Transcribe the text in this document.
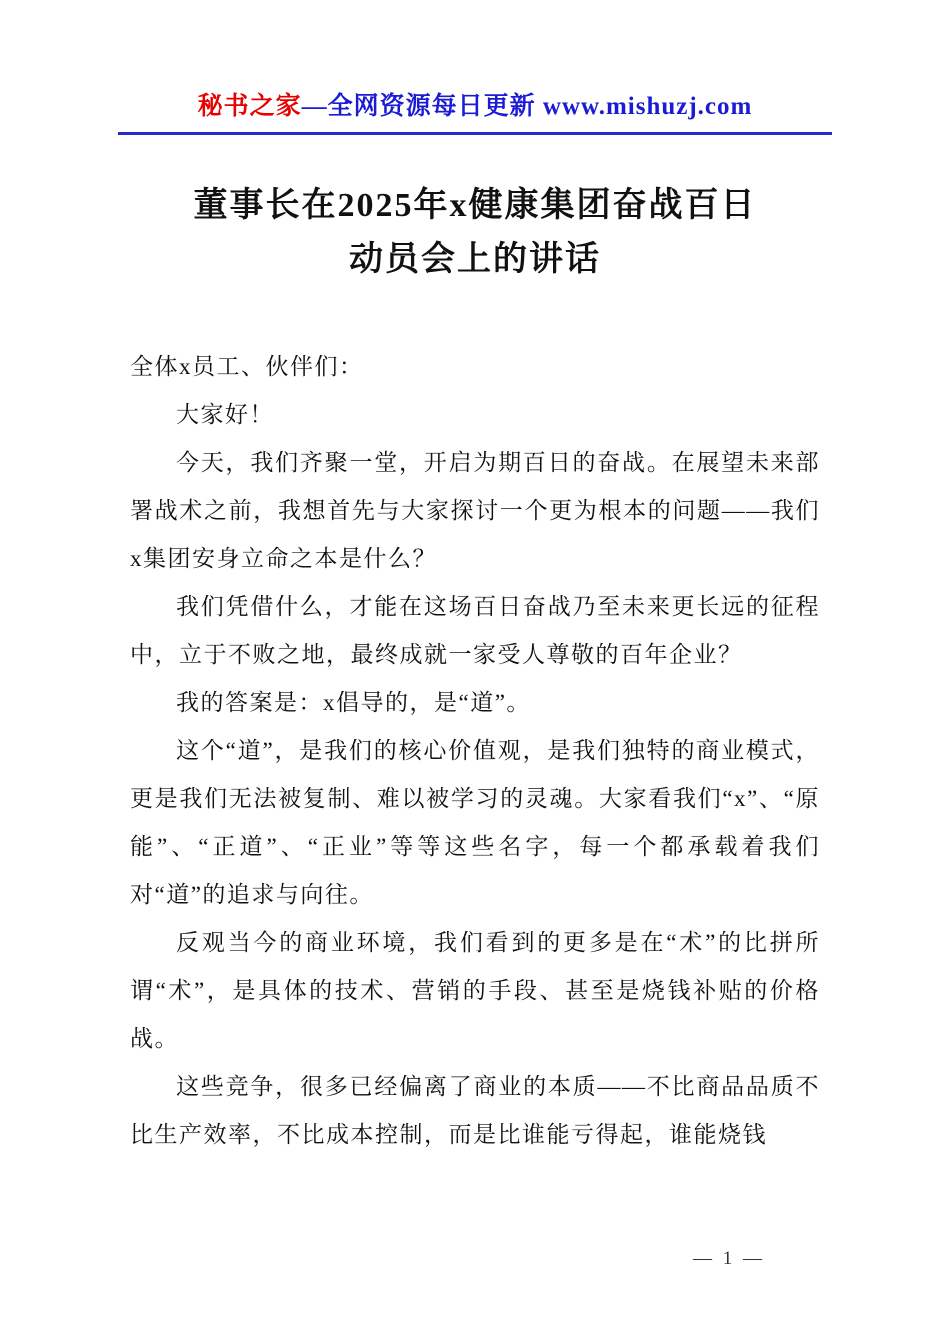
秘书之家—全网资源每日更新 www.mishuzj.com
董事长在2025年x健康集团奋战百日
动员会上的讲话

全体x员工、伙伴们：

大家好！

今天，我们齐聚一堂，开启为期百日的奋战。在展望未来部署战术之前，我想首先与大家探讨一个更为根本的问题——我们x集团安身立命之本是什么？

我们凭借什么，才能在这场百日奋战乃至未来更长远的征程中，立于不败之地，最终成就一家受人尊敬的百年企业？

我的答案是：x倡导的，是“道”。

这个“道”，是我们的核心价值观，是我们独特的商业模式，更是我们无法被复制、难以被学习的灵魂。大家看我们“x”、“原能”、“正道”、“正业”等等这些名字，每一个都承载着我们对“道”的追求与向往。

反观当今的商业环境，我们看到的更多是在“术”的比拼所谓“术”，是具体的技术、营销的手段、甚至是烧钱补贴的价格战。

这些竞争，很多已经偏离了商业的本质——不比商品品质不比生产效率，不比成本控制，而是比谁能亏得起，谁能烧钱

— 1 —
